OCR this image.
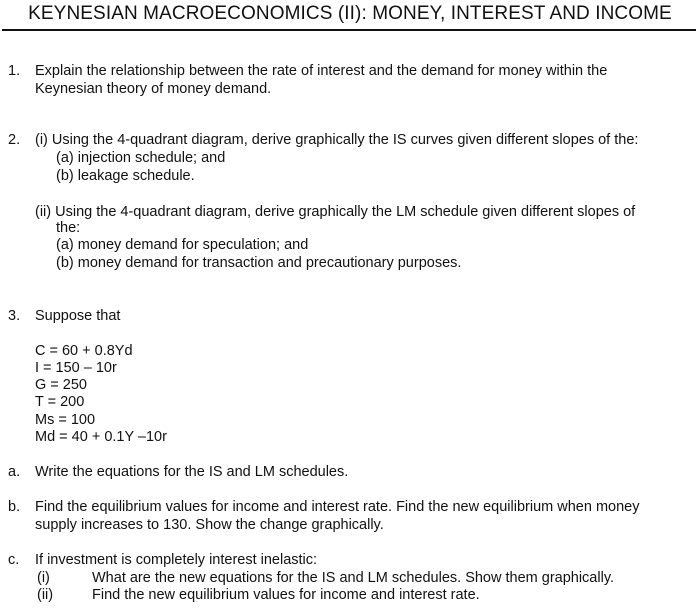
KEYNESIAN MACROECONOMICS (II): MONEY, INTEREST AND INCOME
1. Explain the relationship between the rate of interest and the demand for money within the
Keynesian theory of money demand.
2. (i) Using the 4-quadrant diagram, derive graphically the IS curves given different slopes of the:
(a) injection schedule; and
(b) leakage schedule.
(ii) Using the 4-quadrant diagram, derive graphically the LM schedule given different slopes of
the:
(a) money demand for speculation; and
(b) money demand for transaction and precautionary purposes.
3. Suppose that
C = 60 + 0.8Yd
I = 150 – 10r
G = 250
T = 200
Ms = 100
Md = 40 + 0.1Y –10r
a. Write the equations for the IS and LM schedules.
b. Find the equilibrium values for income and interest rate. Find the new equilibrium when money
supply increases to 130. Show the change graphically.
c. If investment is completely interest inelastic:
(i)	What are the new equations for the IS and LM schedules. Show them graphically.
(ii)	Find the new equilibrium values for income and interest rate.
